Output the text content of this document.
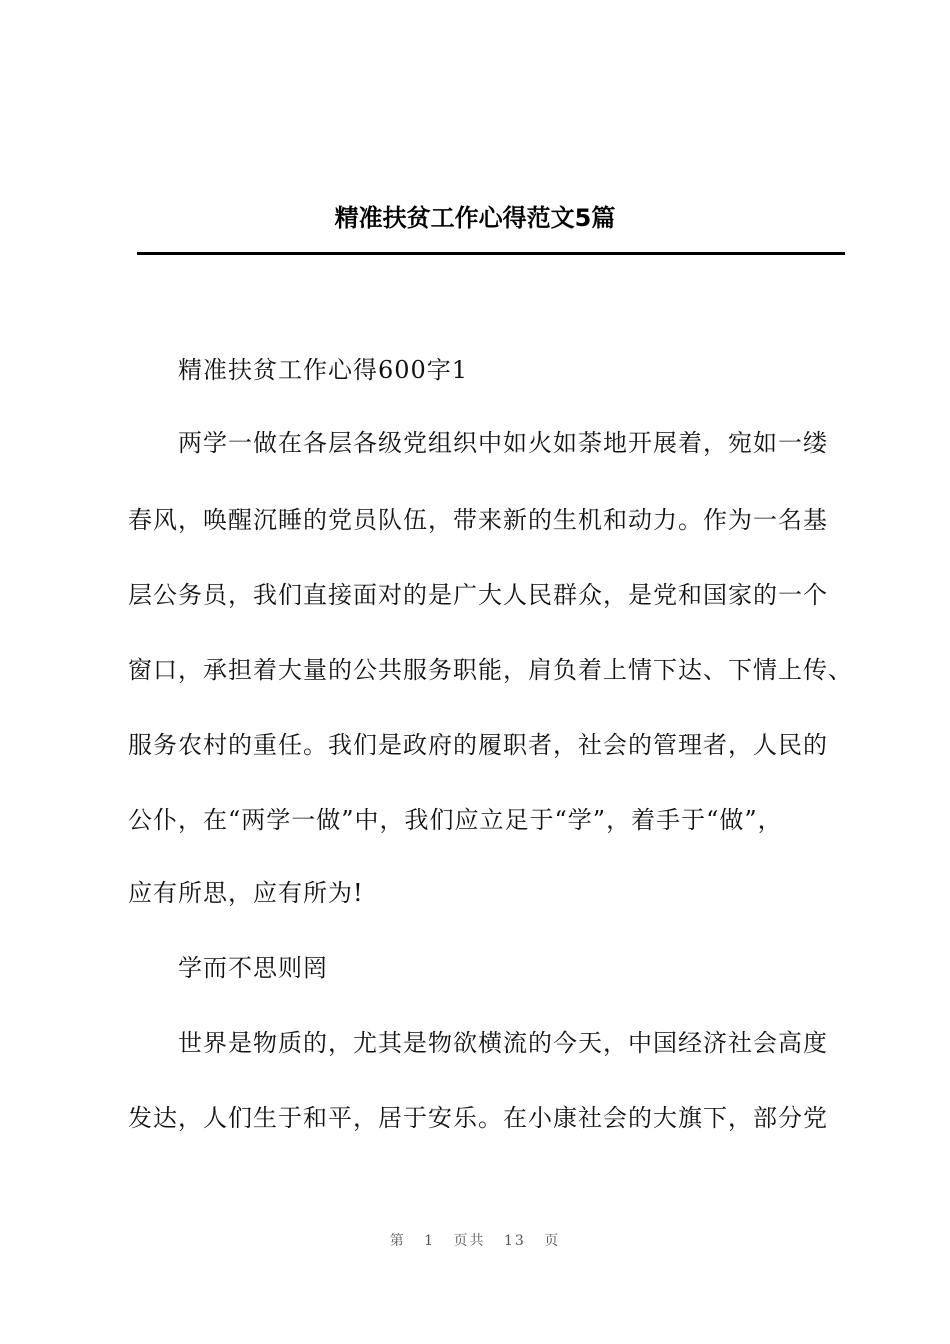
精准扶贫工作心得范文5篇
精准扶贫工作心得600字1
两学一做在各层各级党组织中如火如荼地开展着，宛如一缕
春风，唤醒沉睡的党员队伍，带来新的生机和动力。作为一名基
层公务员，我们直接面对的是广大人民群众，是党和国家的一个
窗口，承担着大量的公共服务职能，肩负着上情下达、下情上传、
服务农村的重任。我们是政府的履职者，社会的管理者，人民的
公仆，在“两学一做”中，我们应立足于“学”，着手于“做”，
应有所思，应有所为!
学而不思则罔
世界是物质的，尤其是物欲横流的今天，中国经济社会高度
发达，人们生于和平，居于安乐。在小康社会的大旗下，部分党
第 1 页共 13 页
